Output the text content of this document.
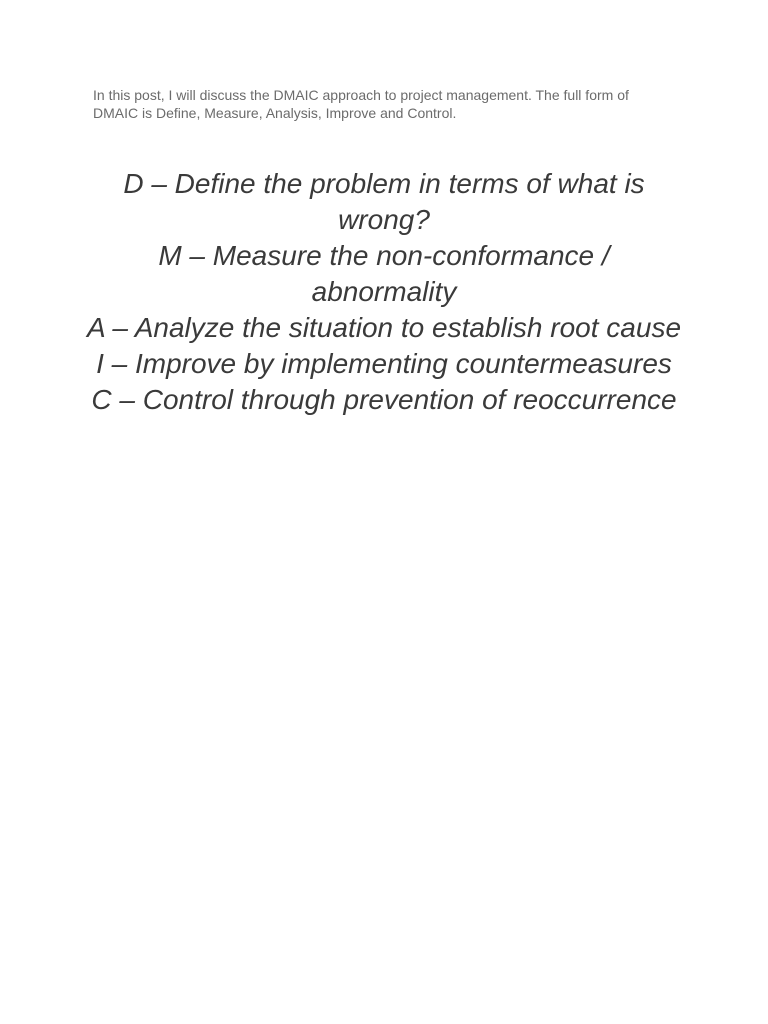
In this post, I will discuss the DMAIC approach to project management. The full form of DMAIC is Define, Measure, Analysis, Improve and Control.

D – Define the problem in terms of what is wrong?
M – Measure the non-conformance / abnormality
A – Analyze the situation to establish root cause
I – Improve by implementing countermeasures
C – Control through prevention of reoccurrence
